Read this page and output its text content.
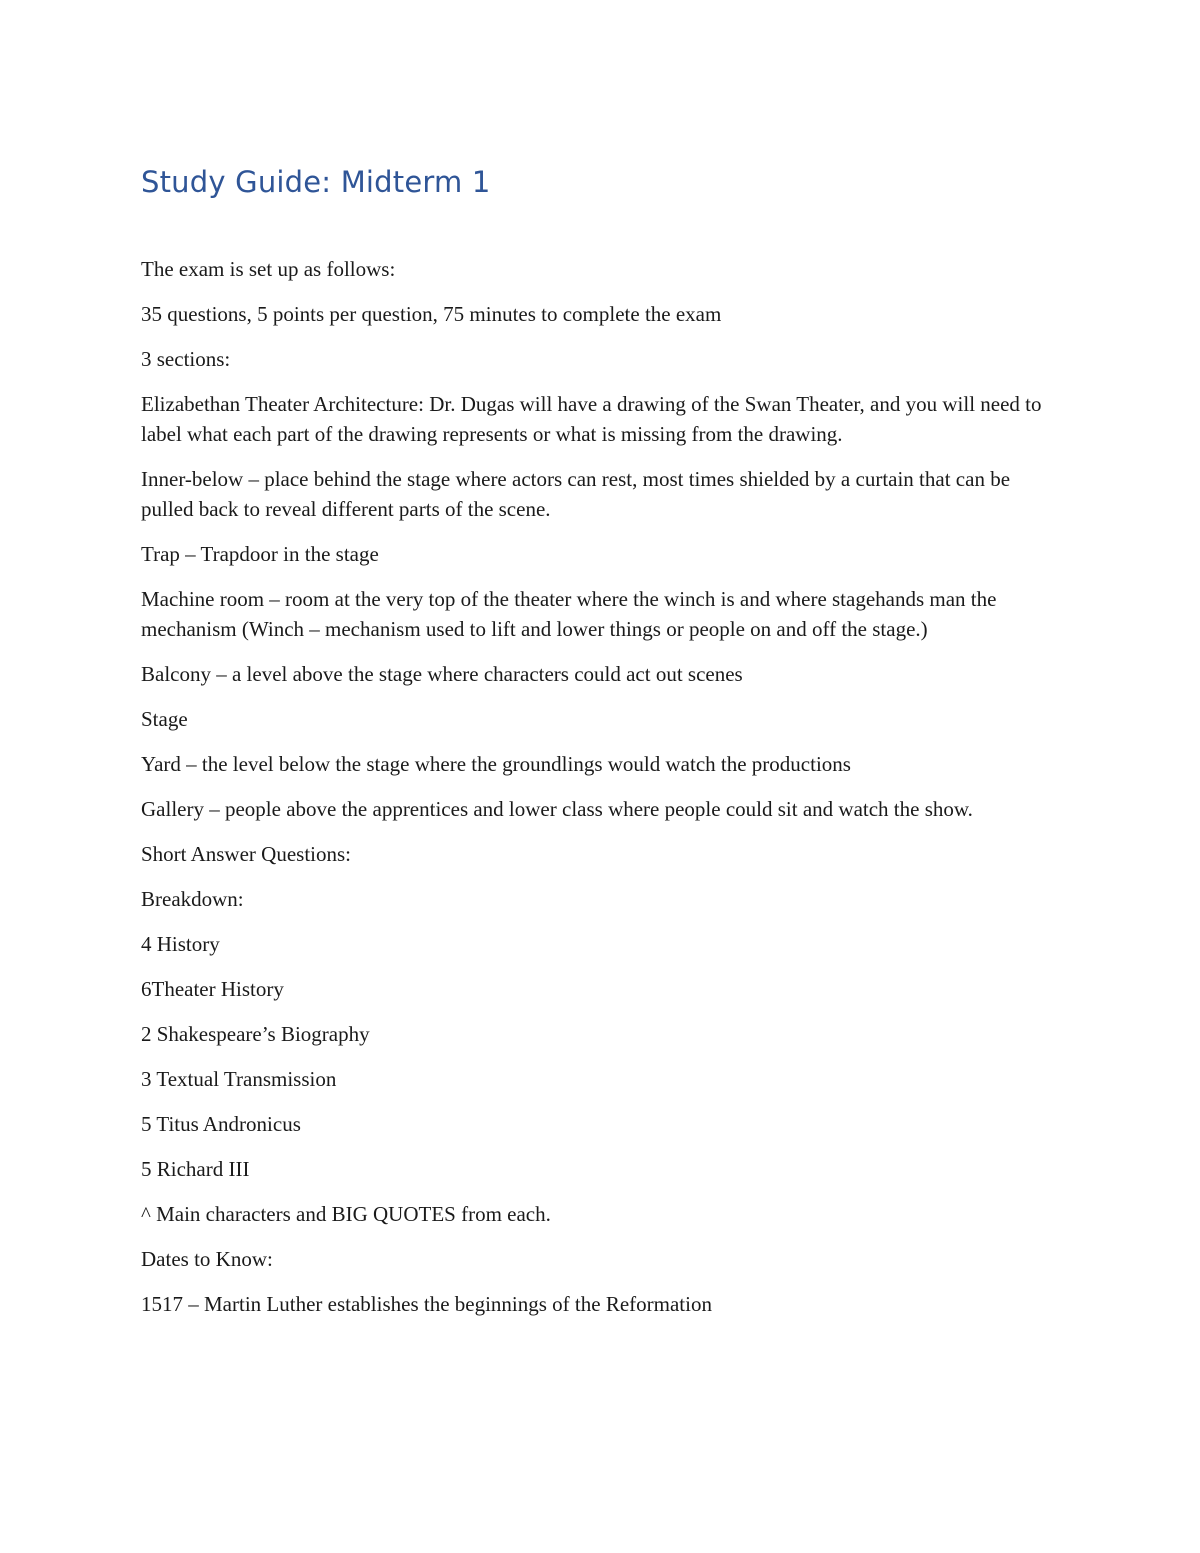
Study Guide: Midterm 1

The exam is set up as follows:

35 questions, 5 points per question, 75 minutes to complete the exam

3 sections:

Elizabethan Theater Architecture: Dr. Dugas will have a drawing of the Swan Theater, and you will need to label what each part of the drawing represents or what is missing from the drawing.

Inner-below – place behind the stage where actors can rest, most times shielded by a curtain that can be pulled back to reveal different parts of the scene.

Trap – Trapdoor in the stage

Machine room – room at the very top of the theater where the winch is and where stagehands man the mechanism (Winch – mechanism used to lift and lower things or people on and off the stage.)

Balcony – a level above the stage where characters could act out scenes

Stage

Yard – the level below the stage where the groundlings would watch the productions

Gallery – people above the apprentices and lower class where people could sit and watch the show.

Short Answer Questions:

Breakdown:

4 History

6Theater History

2 Shakespeare’s Biography

3 Textual Transmission

5 Titus Andronicus

5 Richard III

^ Main characters and BIG QUOTES from each.

Dates to Know:

1517 – Martin Luther establishes the beginnings of the Reformation
